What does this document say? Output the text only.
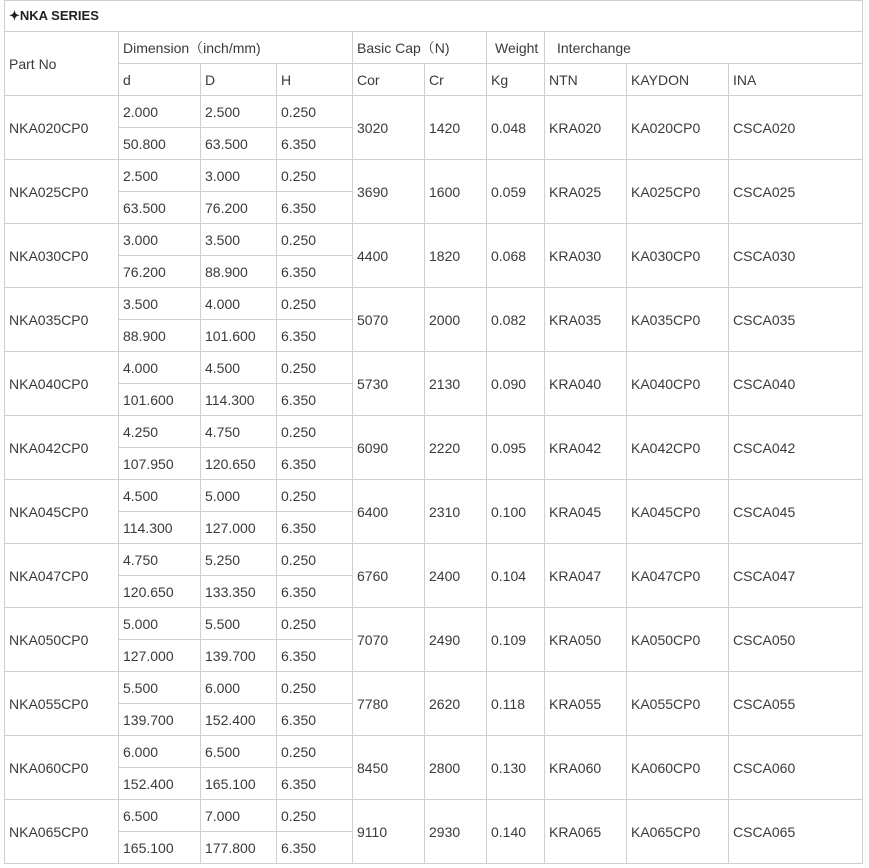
✦NKA SERIES									
Part No	Dimension（inch/mm)			Basic Cap（N)		Weight	Interchange		
	d	D	H	Cor	Cr	Kg	NTN	KAYDON	INA
NKA020CP0	2.000	2.500	0.250	3020	1420	0.048	KRA020	KA020CP0	CSCA020
	50.800	63.500	6.350						
NKA025CP0	2.500	3.000	0.250	3690	1600	0.059	KRA025	KA025CP0	CSCA025
	63.500	76.200	6.350						
NKA030CP0	3.000	3.500	0.250	4400	1820	0.068	KRA030	KA030CP0	CSCA030
	76.200	88.900	6.350						
NKA035CP0	3.500	4.000	0.250	5070	2000	0.082	KRA035	KA035CP0	CSCA035
	88.900	101.600	6.350						
NKA040CP0	4.000	4.500	0.250	5730	2130	0.090	KRA040	KA040CP0	CSCA040
	101.600	114.300	6.350						
NKA042CP0	4.250	4.750	0.250	6090	2220	0.095	KRA042	KA042CP0	CSCA042
	107.950	120.650	6.350						
NKA045CP0	4.500	5.000	0.250	6400	2310	0.100	KRA045	KA045CP0	CSCA045
	114.300	127.000	6.350						
NKA047CP0	4.750	5.250	0.250	6760	2400	0.104	KRA047	KA047CP0	CSCA047
	120.650	133.350	6.350						
NKA050CP0	5.000	5.500	0.250	7070	2490	0.109	KRA050	KA050CP0	CSCA050
	127.000	139.700	6.350						
NKA055CP0	5.500	6.000	0.250	7780	2620	0.118	KRA055	KA055CP0	CSCA055
	139.700	152.400	6.350						
NKA060CP0	6.000	6.500	0.250	8450	2800	0.130	KRA060	KA060CP0	CSCA060
	152.400	165.100	6.350						
NKA065CP0	6.500	7.000	0.250	9110	2930	0.140	KRA065	KA065CP0	CSCA065
	165.100	177.800	6.350						
